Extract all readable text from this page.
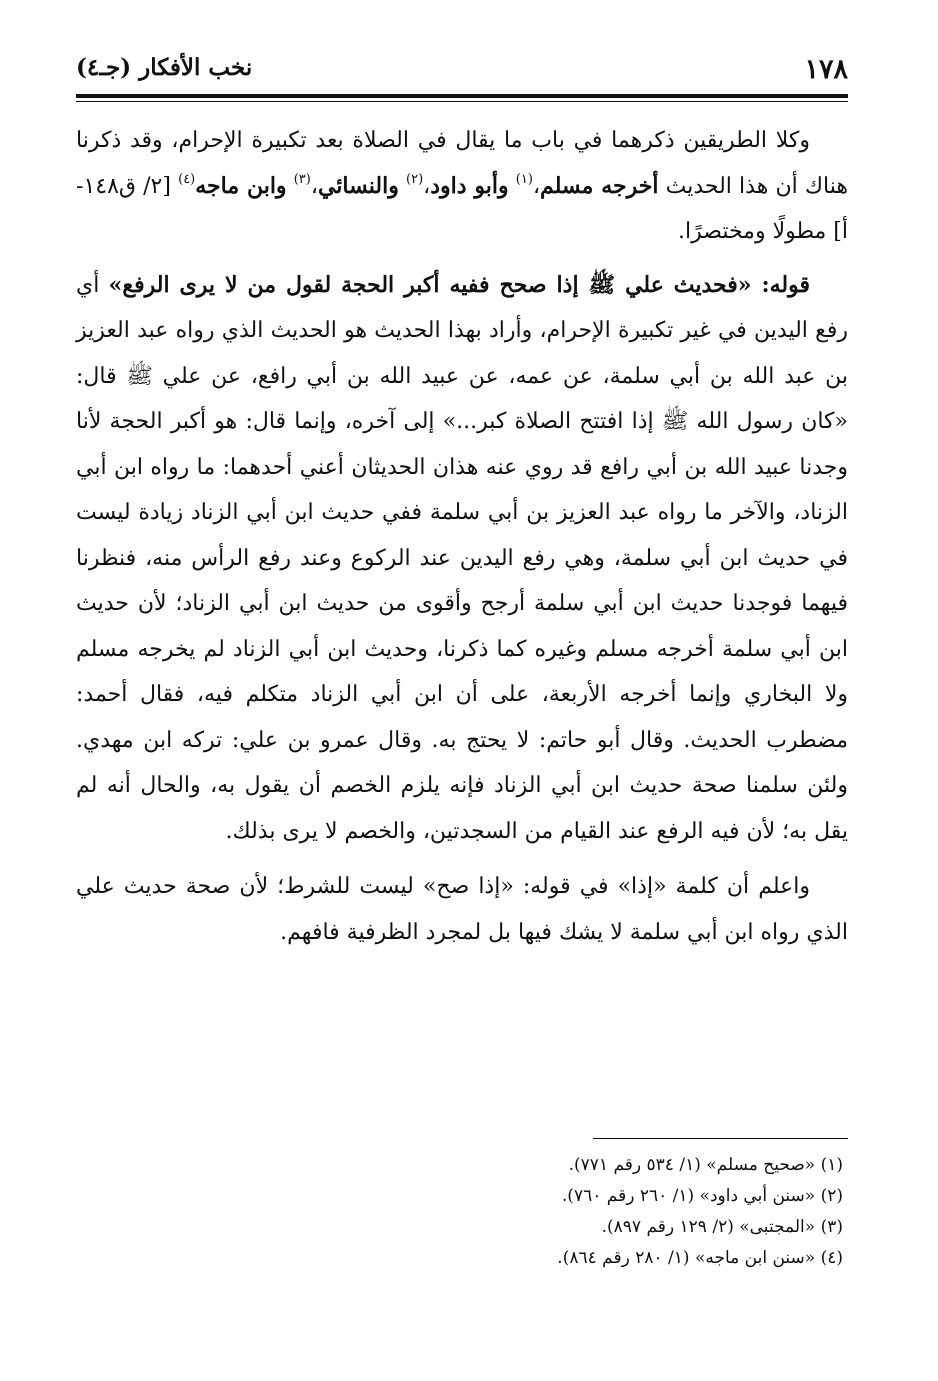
١٧٨
نخب الأفكار (جـ٤)

وكلا الطريقين ذكرهما في باب ما يقال في الصلاة بعد تكبيرة الإحرام، وقد ذكرنا هناك أن هذا الحديث أخرجه مسلم،$^{(١)}$ وأبو داود،$^{(٢)}$ والنسائي،$^{(٣)}$ وابن ماجه$^{(٤)}$ [٢/ ق١٤٨-أ] مطولًا ومختصرًا.

قوله: «فحديث علي ﷺ إذا صحح ففيه أكبر الحجة لقول من لا يرى الرفع» أي رفع اليدين في غير تكبيرة الإحرام، وأراد بهذا الحديث هو الحديث الذي رواه عبد العزيز بن عبد الله بن أبي سلمة، عن عمه، عن عبيد الله بن أبي رافع، عن علي ﷺ قال: «كان رسول الله ﷺ إذا افتتح الصلاة كبر...» إلى آخره، وإنما قال: هو أكبر الحجة لأنا وجدنا عبيد الله بن أبي رافع قد روي عنه هذان الحديثان أعني أحدهما: ما رواه ابن أبي الزناد، والآخر ما رواه عبد العزيز بن أبي سلمة ففي حديث ابن أبي الزناد زيادة ليست في حديث ابن أبي سلمة، وهي رفع اليدين عند الركوع وعند رفع الرأس منه، فنظرنا فيهما فوجدنا حديث ابن أبي سلمة أرجح وأقوى من حديث ابن أبي الزناد؛ لأن حديث ابن أبي سلمة أخرجه مسلم وغيره كما ذكرنا، وحديث ابن أبي الزناد لم يخرجه مسلم ولا البخاري وإنما أخرجه الأربعة، على أن ابن أبي الزناد متكلم فيه، فقال أحمد: مضطرب الحديث. وقال أبو حاتم: لا يحتج به. وقال عمرو بن علي: تركه ابن مهدي. ولئن سلمنا صحة حديث ابن أبي الزناد فإنه يلزم الخصم أن يقول به، والحال أنه لم يقل به؛ لأن فيه الرفع عند القيام من السجدتين، والخصم لا يرى بذلك.

واعلم أن كلمة «إذا» في قوله: «إذا صح» ليست للشرط؛ لأن صحة حديث علي الذي رواه ابن أبي سلمة لا يشك فيها بل لمجرد الظرفية فافهم.

(١) «صحيح مسلم» (١/ ٥٣٤ رقم ٧٧١).

(٢) «سنن أبي داود» (١/ ٢٦٠ رقم ٧٦٠).

(٣) «المجتبى» (٢/ ١٢٩ رقم ٨٩٧).

(٤) «سنن ابن ماجه» (١/ ٢٨٠ رقم ٨٦٤).
